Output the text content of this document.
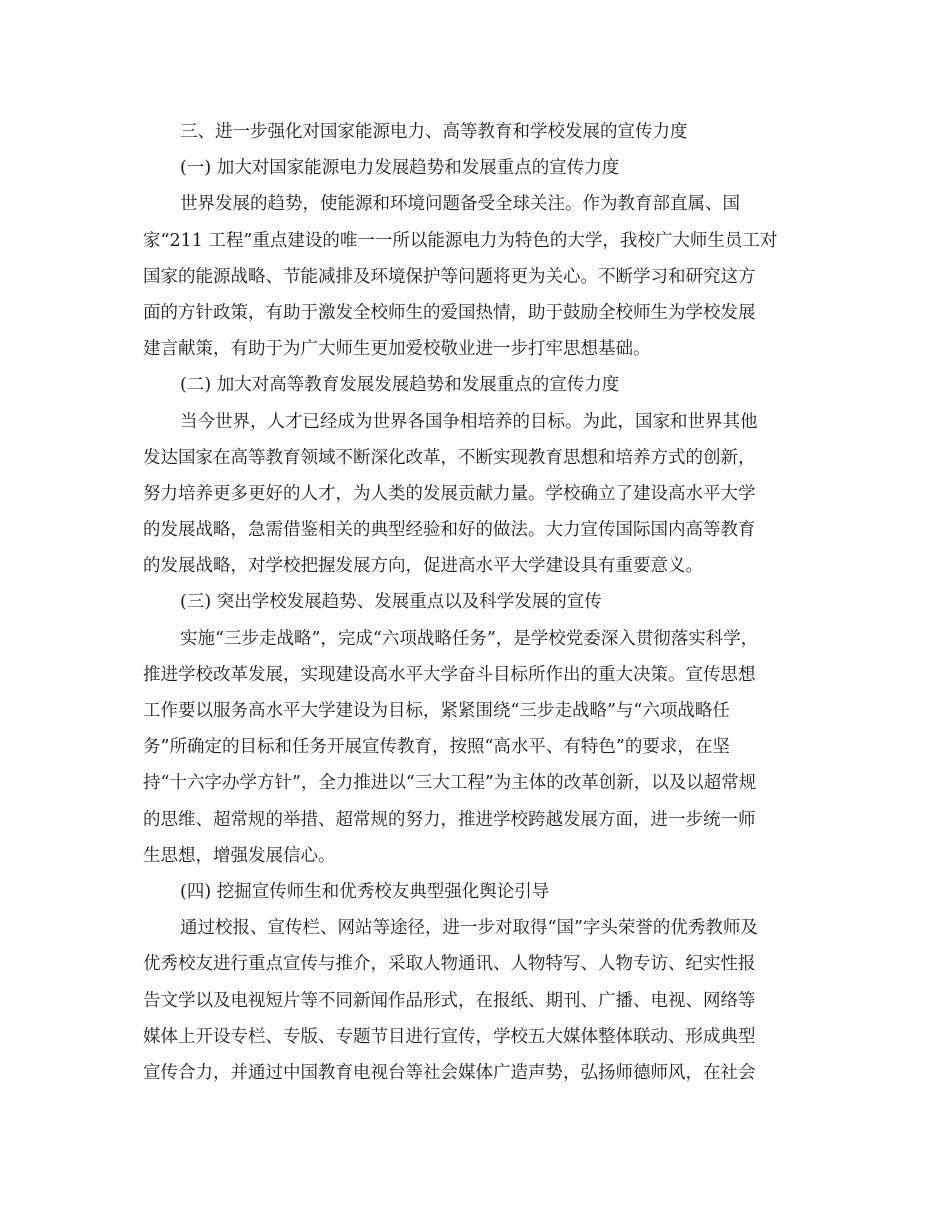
三、进一步强化对国家能源电力、高等教育和学校发展的宣传力度
(一) 加大对国家能源电力发展趋势和发展重点的宣传力度
世界发展的趋势，使能源和环境问题备受全球关注。作为教育部直属、国
家“211 工程”重点建设的唯一一所以能源电力为特色的大学，我校广大师生员工对
国家的能源战略、节能减排及环境保护等问题将更为关心。不断学习和研究这方
面的方针政策，有助于激发全校师生的爱国热情，助于鼓励全校师生为学校发展
建言献策，有助于为广大师生更加爱校敬业进一步打牢思想基础。
(二) 加大对高等教育发展发展趋势和发展重点的宣传力度
当今世界，人才已经成为世界各国争相培养的目标。为此，国家和世界其他
发达国家在高等教育领域不断深化改革，不断实现教育思想和培养方式的创新，
努力培养更多更好的人才，为人类的发展贡献力量。学校确立了建设高水平大学
的发展战略，急需借鉴相关的典型经验和好的做法。大力宣传国际国内高等教育
的发展战略，对学校把握发展方向，促进高水平大学建设具有重要意义。
(三) 突出学校发展趋势、发展重点以及科学发展的宣传
实施“三步走战略”，完成“六项战略任务”，是学校党委深入贯彻落实科学，
推进学校改革发展，实现建设高水平大学奋斗目标所作出的重大决策。宣传思想
工作要以服务高水平大学建设为目标，紧紧围绕“三步走战略”与“六项战略任
务”所确定的目标和任务开展宣传教育，按照“高水平、有特色”的要求，在坚
持“十六字办学方针”，全力推进以“三大工程”为主体的改革创新，以及以超常规
的思维、超常规的举措、超常规的努力，推进学校跨越发展方面，进一步统一师
生思想，增强发展信心。
(四) 挖掘宣传师生和优秀校友典型强化舆论引导
通过校报、宣传栏、网站等途径，进一步对取得“国”字头荣誉的优秀教师及
优秀校友进行重点宣传与推介，采取人物通讯、人物特写、人物专访、纪实性报
告文学以及电视短片等不同新闻作品形式，在报纸、期刊、广播、电视、网络等
媒体上开设专栏、专版、专题节目进行宣传，学校五大媒体整体联动、形成典型
宣传合力，并通过中国教育电视台等社会媒体广造声势，弘扬师德师风，在社会
